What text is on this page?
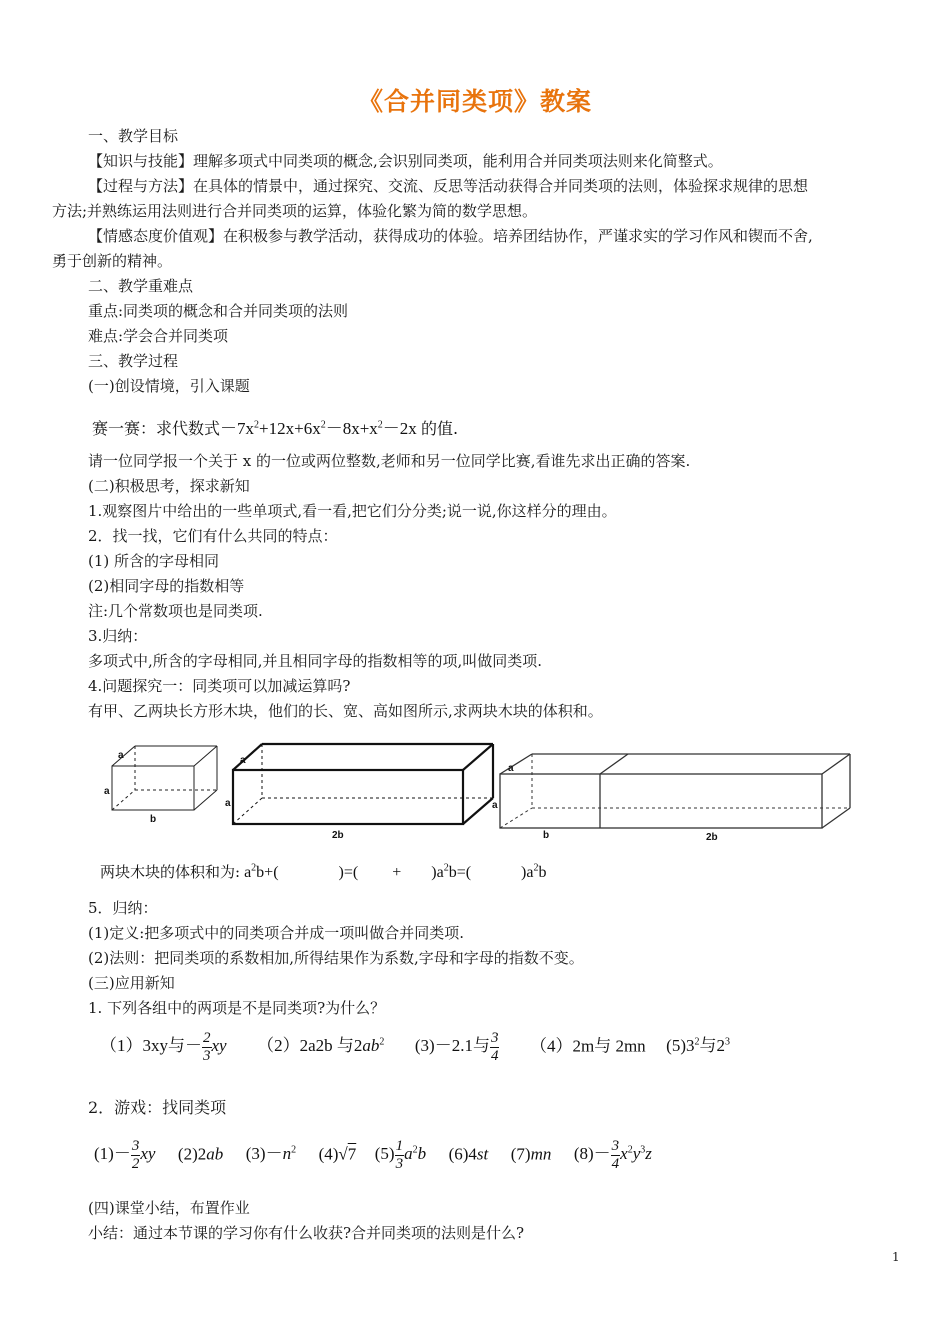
《合并同类项》教案
一、教学目标
【知识与技能】理解多项式中同类项的概念,会识别同类项，能利用合并同类项法则来化简整式。
【过程与方法】在具体的情景中，通过探究、交流、反思等活动获得合并同类项的法则，体验探求规律的思想
方法;并熟练运用法则进行合并同类项的运算，体验化繁为简的数学思想。
【情感态度价值观】在积极参与教学活动，获得成功的体验。培养团结协作，严谨求实的学习作风和锲而不舍,
勇于创新的精神。
二、教学重难点
重点:同类项的概念和合并同类项的法则
难点:学会合并同类项
三、教学过程
(一)创设情境，引入课题
赛一赛：求代数式$-7x^2+12x+6x^2-8x+x^2-2x$ 的值.
请一位同学报一个关于 x 的一位或两位整数,老师和另一位同学比赛,看谁先求出正确的答案.
(二)积极思考，探求新知
1.观察图片中给出的一些单项式,看一看,把它们分分类;说一说,你这样分的理由。
2．找一找，它们有什么共同的特点：
(1) 所含的字母相同
(2)相同字母的指数相等
注:几个常数项也是同类项.
3.归纳：
多项式中,所含的字母相同,并且相同字母的指数相等的项,叫做同类项.
4.问题探究一：同类项可以加减运算吗?
有甲、乙两块长方形木块，他们的长、宽、高如图所示,求两块木块的体积和。
a
a
b
a
a
2b
a
a
b	2b
两块木块的体积和为: $a^2b+$(	)=( + )$a^2b=$(	)$a^2b$
5．归纳：
(1)定义:把多项式中的同类项合并成一项叫做合并同类项.
(2)法则：把同类项的系数相加,所得结果作为系数,字母和字母的指数不变。
(三)应用新知
1. 下列各组中的两项是不是同类项?为什么？
（1）3xy与－ $\frac{2}{3}$ xy （2）2a2b 与$2ab^2$ (3)－2.1与 $\frac{3}{4} (4)2m$与 2mn $(5)3^2$与$2^3$
2．游戏：找同类项
$(1)- \frac{3}{2}$ xy (2)2ab $(3)-n^2$ (4)√7 $(5) \frac{1}{3} a^2b$ (6)4st (7)mn $(8)- \frac{3}{4} x^2y^3z$
(四)课堂小结，布置作业
小结：通过本节课的学习你有什么收获?合并同类项的法则是什么?
1
